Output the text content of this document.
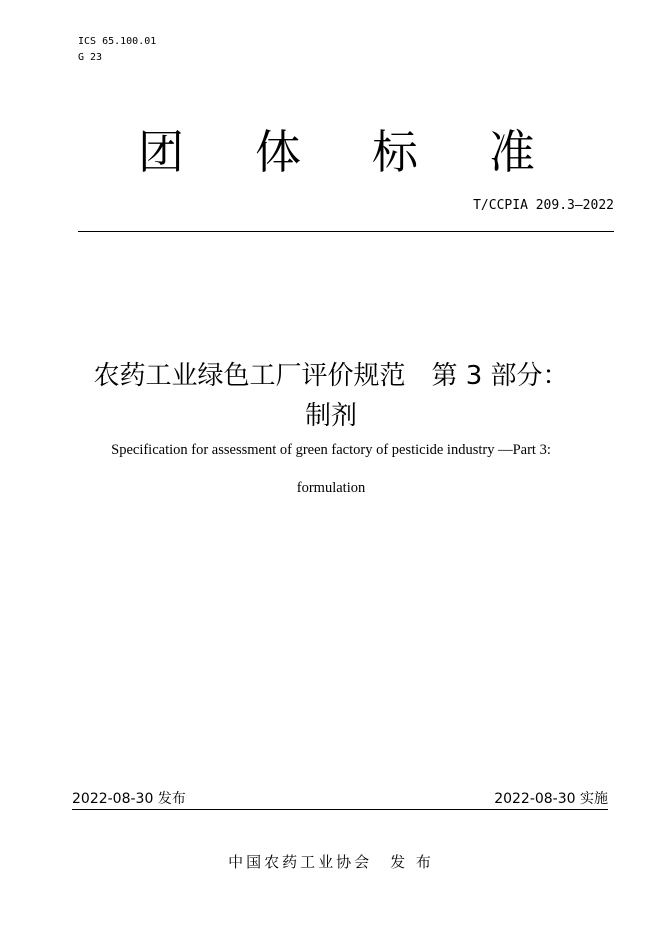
ICS 65.100.01
G 23
团 体 标 准
T/CCPIA 209.3—2022
农药工业绿色工厂评价规范　第 3 部分：
制剂
Specification for assessment of green factory of pesticide industry —Part 3:
formulation
2022-08-30 发布	2022-08-30 实施
中国农药工业协会　发 布
